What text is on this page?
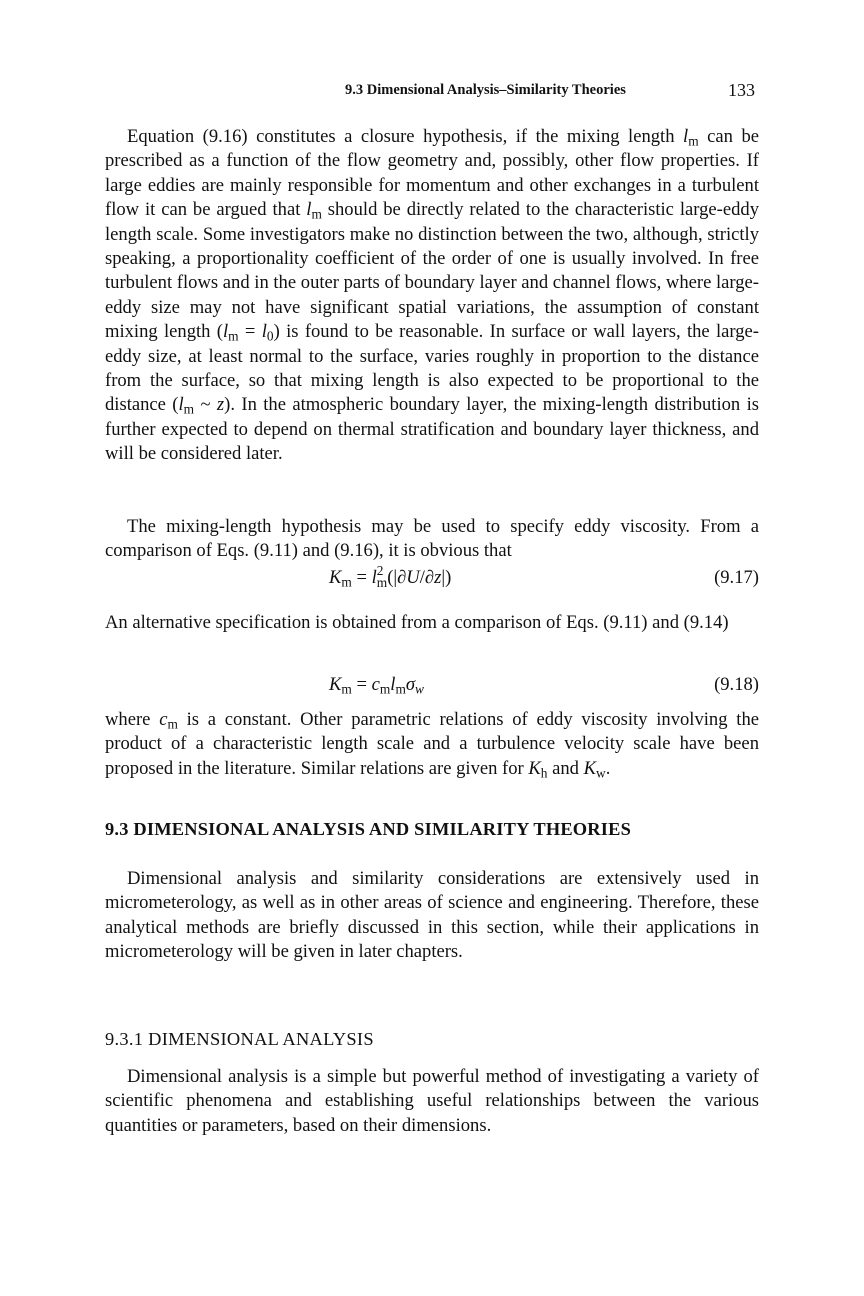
9.3 Dimensional Analysis–Similarity Theories	133

Equation (9.16) constitutes a closure hypothesis, if the mixing length $l_m$ can be prescribed as a function of the flow geometry and, possibly, other flow properties. If large eddies are mainly responsible for momentum and other exchanges in a turbulent flow it can be argued that $l_m$ should be directly related to the characteristic large-eddy length scale. Some investigators make no distinction between the two, although, strictly speaking, a proportionality coefficient of the order of one is usually involved. In free turbulent flows and in the outer parts of boundary layer and channel flows, where large-eddy size may not have significant spatial variations, the assumption of constant mixing length $(l_m = l_0)$ is found to be reasonable. In surface or wall layers, the large-eddy size, at least normal to the surface, varies roughly in proportion to the distance from the surface, so that mixing length is also expected to be proportional to the distance ($l_m$ ~ z). In the atmospheric boundary layer, the mixing-length distribution is further expected to depend on thermal stratification and boundary layer thickness, and will be considered later.

The mixing-length hypothesis may be used to specify eddy viscosity. From a comparison of Eqs. (9.11) and (9.16), it is obvious that

$K_m = l$ 2
m (|∂U/∂z|)	(9.17)

An alternative specification is obtained from a comparison of Eqs. (9.11) and (9.14)

$K_m = c_ml_m\sigma_w$	(9.18)

where $c_m$ is a constant. Other parametric relations of eddy viscosity involving the product of a characteristic length scale and a turbulence velocity scale have been proposed in the literature. Similar relations are given for $K_h$ and $K_w$.

9.3 DIMENSIONAL ANALYSIS AND SIMILARITY THEORIES

Dimensional analysis and similarity considerations are extensively used in micrometerology, as well as in other areas of science and engineering. Therefore, these analytical methods are briefly discussed in this section, while their applications in micrometerology will be given in later chapters.

9.3.1 DIMENSIONAL ANALYSIS

Dimensional analysis is a simple but powerful method of investigating a variety of scientific phenomena and establishing useful relationships between the various quantities or parameters, based on their dimensions.
